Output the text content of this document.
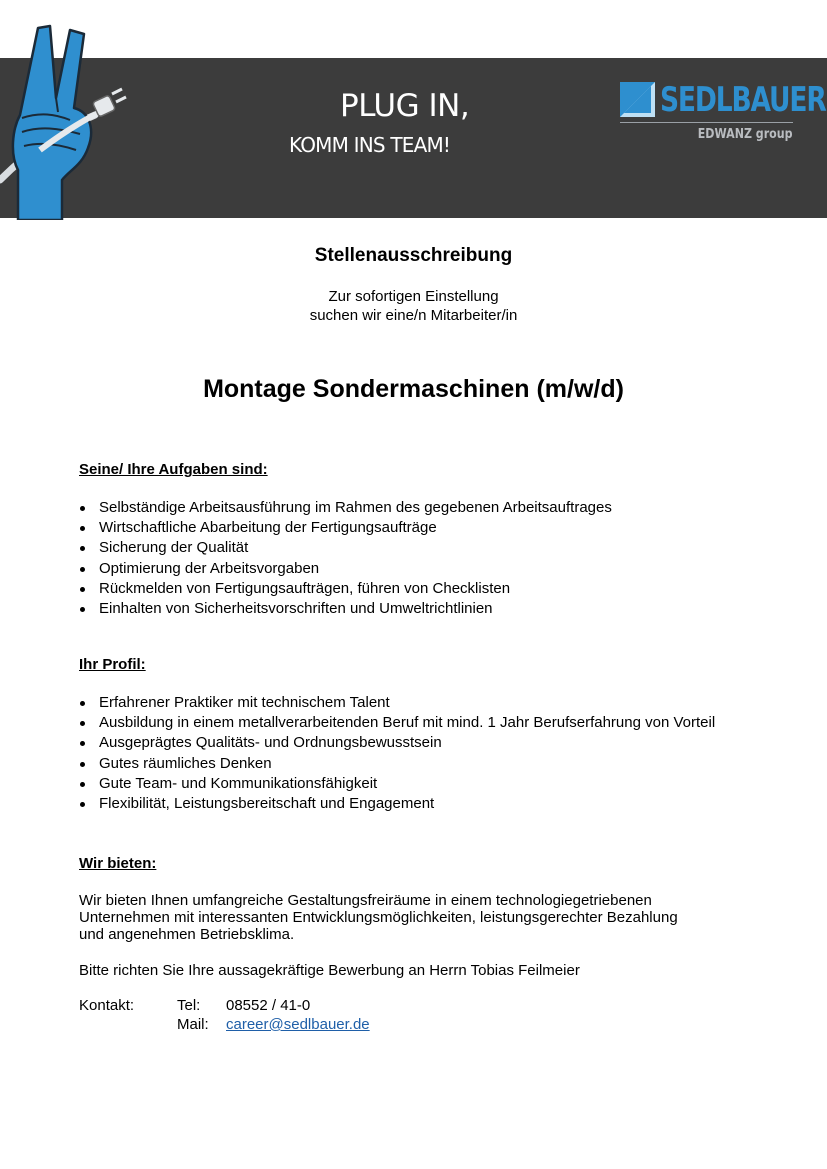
PLUG IN,
KOMM INS TEAM!
SEDLBAUER
EDWANZ group
Stellenausschreibung
Zur sofortigen Einstellung
suchen wir eine/n Mitarbeiter/in
Montage Sondermaschinen (m/w/d)
Seine/ Ihre Aufgaben sind:
Selbständige Arbeitsausführung im Rahmen des gegebenen Arbeitsauftrages
Wirtschaftliche Abarbeitung der Fertigungsaufträge
Sicherung der Qualität
Optimierung der Arbeitsvorgaben
Rückmelden von Fertigungsaufträgen, führen von Checklisten
Einhalten von Sicherheitsvorschriften und Umweltrichtlinien
Ihr Profil:
Erfahrener Praktiker mit technischem Talent
Ausbildung in einem metallverarbeitenden Beruf mit mind. 1 Jahr Berufserfahrung von Vorteil
Ausgeprägtes Qualitäts- und Ordnungsbewusstsein
Gutes räumliches Denken
Gute Team- und Kommunikationsfähigkeit
Flexibilität, Leistungsbereitschaft und Engagement
Wir bieten:
Wir bieten Ihnen umfangreiche Gestaltungsfreiräume in einem technologiegetriebenen
Unternehmen mit interessanten Entwicklungsmöglichkeiten, leistungsgerechter Bezahlung
und angenehmen Betriebsklima.
Bitte richten Sie Ihre aussagekräftige Bewerbung an Herrn Tobias Feilmeier
Kontakt:	Tel: 08552 / 41-0
Mail: career@sedlbauer.de
